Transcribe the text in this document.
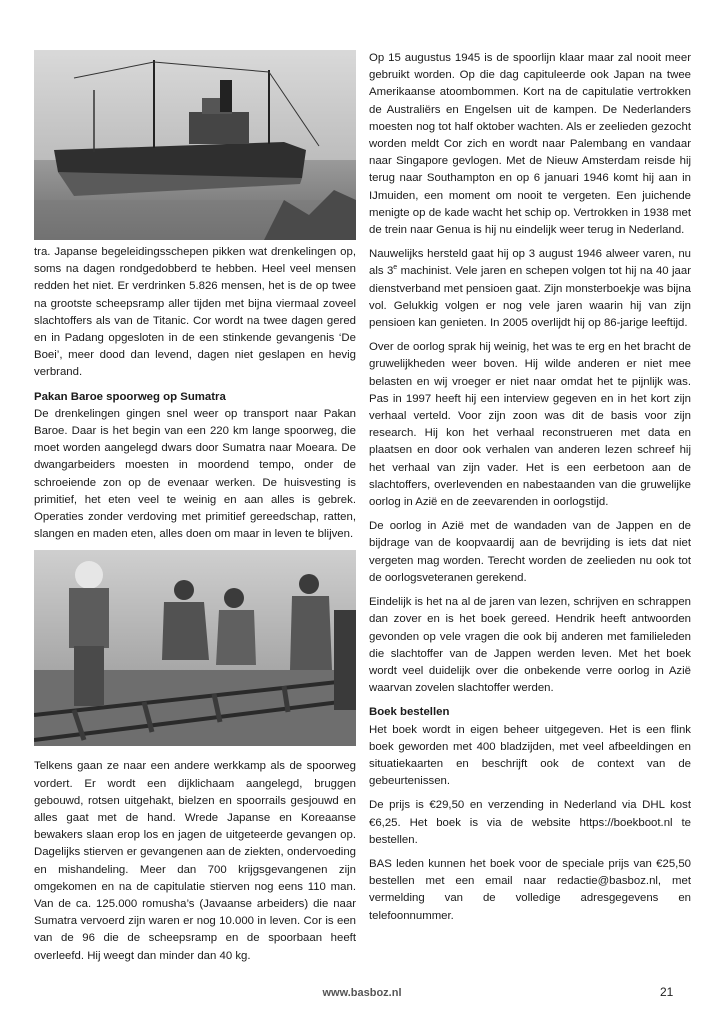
tra. Japanse begeleidingsschepen pikken wat drenkelingen op, soms na dagen rondgedobberd te hebben. Heel veel mensen redden het niet. Er verdrinken 5.826 mensen, het is de op twee na grootste scheepsramp aller tijden met bijna viermaal zoveel slachtoffers als van de Titanic. Cor wordt na twee dagen gered en in Padang opgesloten in de een stinkende gevangenis ‘De Boei’, meer dood dan levend, dagen niet geslapen en hevig verbrand.

Pakan Baroe spoorweg op Sumatra

De drenkelingen gingen snel weer op transport naar Pakan Baroe. Daar is het begin van een 220 km lange spoorweg, die moet worden aangelegd dwars door Sumatra naar Moeara. De dwangarbeiders moesten in moordend tempo, onder de schroeiende zon op de evenaar werken. De huisvesting is primitief, het eten veel te weinig en aan alles is gebrek. Operaties zonder verdoving met primitief gereedschap, ratten, slangen en maden eten, alles doen om maar in leven te blijven.

Telkens gaan ze naar een andere werkkamp als de spoorweg vordert. Er wordt een dijklichaam aangelegd, bruggen gebouwd, rotsen uitgehakt, bielzen en spoorrails gesjouwd en alles gaat met de hand. Wrede Japanse en Koreaanse bewakers slaan erop los en jagen de uitgeteerde gevangen op. Dagelijks stierven er gevangenen aan de ziekten, ondervoeding en mishandeling. Meer dan 700 krijgsgevangenen zijn omgekomen en na de capitulatie stierven nog eens 110 man. Van de ca. 125.000 romusha’s (Javaanse arbeiders) die naar Sumatra vervoerd zijn waren er nog 10.000 in leven. Cor is een van de 96 die de scheepsramp en de spoorbaan heeft overleefd. Hij weegt dan minder dan 40 kg.

Op 15 augustus 1945 is de spoorlijn klaar maar zal nooit meer gebruikt worden. Op die dag capituleerde ook Japan na twee Amerikaanse atoombommen. Kort na de capitulatie vertrokken de Australiërs en Engelsen uit de kampen. De Nederlanders moesten nog tot half oktober wachten. Als er zeelieden gezocht worden meldt Cor zich en wordt naar Palembang en vandaar naar Singapore gevlogen. Met de Nieuw Amsterdam reisde hij terug naar Southampton en op 6 januari 1946 komt hij aan in IJmuiden, een moment om nooit te vergeten. Een juichende menigte op de kade wacht het schip op. Vertrokken in 1938 met de trein naar Genua is hij nu eindelijk weer terug in Nederland.

Nauwelijks hersteld gaat hij op 3 august 1946 alweer varen, nu als 3e machinist. Vele jaren en schepen volgen tot hij na 40 jaar dienstverband met pensioen gaat. Zijn monsterboekje was bijna vol. Gelukkig volgen er nog vele jaren waarin hij van zijn pensioen kan genieten. In 2005 overlijdt hij op 86-jarige leeftijd.

Over de oorlog sprak hij weinig, het was te erg en het bracht de gruwelijkheden weer boven. Hij wilde anderen er niet mee belasten en wij vroeger er niet naar omdat het te pijnlijk was. Pas in 1997 heeft hij een interview gegeven en in het kort zijn verhaal verteld. Voor zijn zoon was dit de basis voor zijn research. Hij kon het verhaal reconstrueren met data en plaatsen en door ook verhalen van anderen lezen schreef hij het verhaal van zijn vader. Het is een eerbetoon aan de slachtoffers, overlevenden en nabestaanden van die gruwelijke oorlog in Azië en de zeevarenden in oorlogstijd.

De oorlog in Azië met de wandaden van de Jappen en de bijdrage van de koopvaardij aan de bevrijding is iets dat niet vergeten mag worden. Terecht worden de zeelieden nu ook tot de oorlogsveteranen gerekend.

Eindelijk is het na al de jaren van lezen, schrijven en schrappen dan zover en is het boek gereed. Hendrik heeft antwoorden gevonden op vele vragen die ook bij anderen met familieleden die slachtoffer van de Jappen werden leven. Met het boek wordt veel duidelijk over die onbekende verre oorlog in Azië waarvan zovelen slachtoffer werden.

Boek bestellen

Het boek wordt in eigen beheer uitgegeven. Het is een flink boek geworden met 400 bladzijden, met veel afbeeldingen en situatiekaarten en beschrijft ook de context van de gebeurtenissen.

De prijs is €29,50 en verzending in Nederland via DHL kost €6,25. Het boek is via de website https://boekboot.nl te bestellen.

BAS leden kunnen het boek voor de speciale prijs van €25,50 bestellen met een email naar redactie@basboz.nl, met vermelding van de volledige adresgegevens en telefoonnummer.

www.basboz.nl	21
